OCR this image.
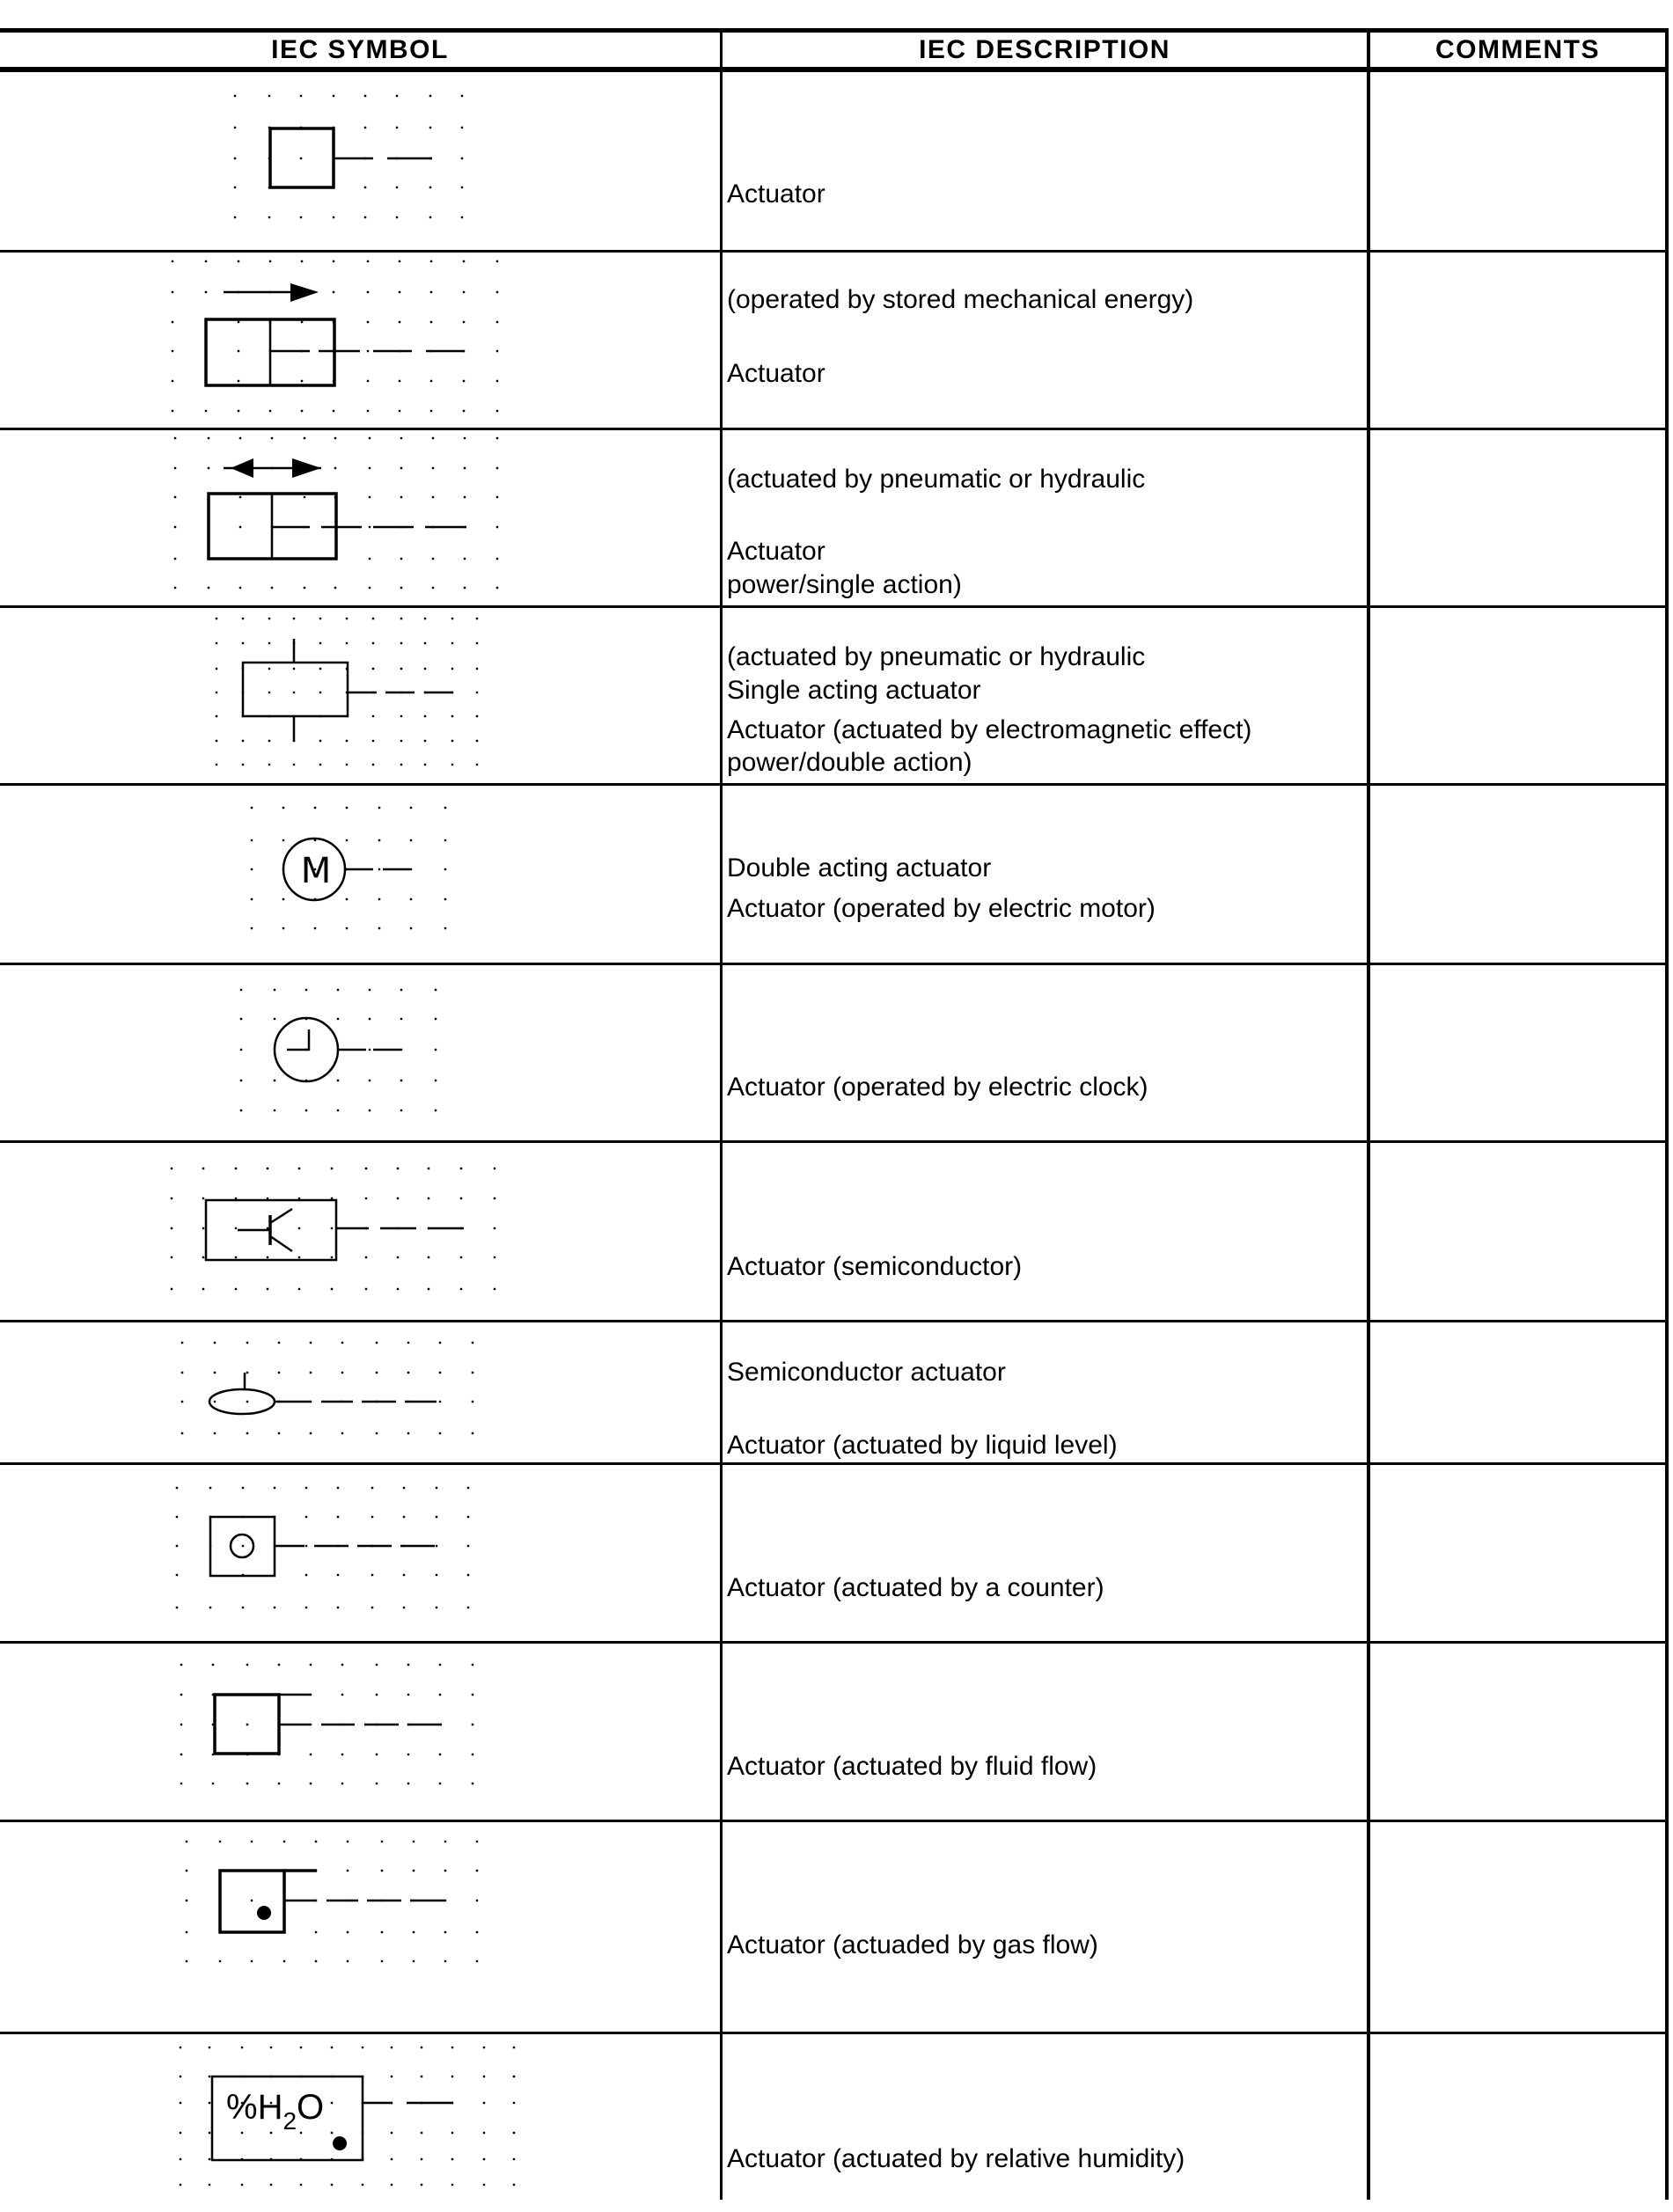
IEC SYMBOL	IEC DESCRIPTION	COMMENTS

Actuator

(operated by stored mechanical energy)

Actuator

(actuated by pneumatic or hydraulic

power/single action)

Single acting actuator

Actuator

(actuated by pneumatic or hydraulic

power/double action)

Double acting actuator

Actuator (actuated by electromagnetic effect)

Actuator (operated by electric motor)

Actuator (operated by electric clock)

Actuator (semiconductor)

Semiconductor actuator

Actuator (actuated by liquid level)

Actuator (actuated by a counter)

Actuator (actuated by fluid flow)

Actuator (actuaded by gas flow)

Actuator (actuated by relative humidity)

M
$\%H_2O$
